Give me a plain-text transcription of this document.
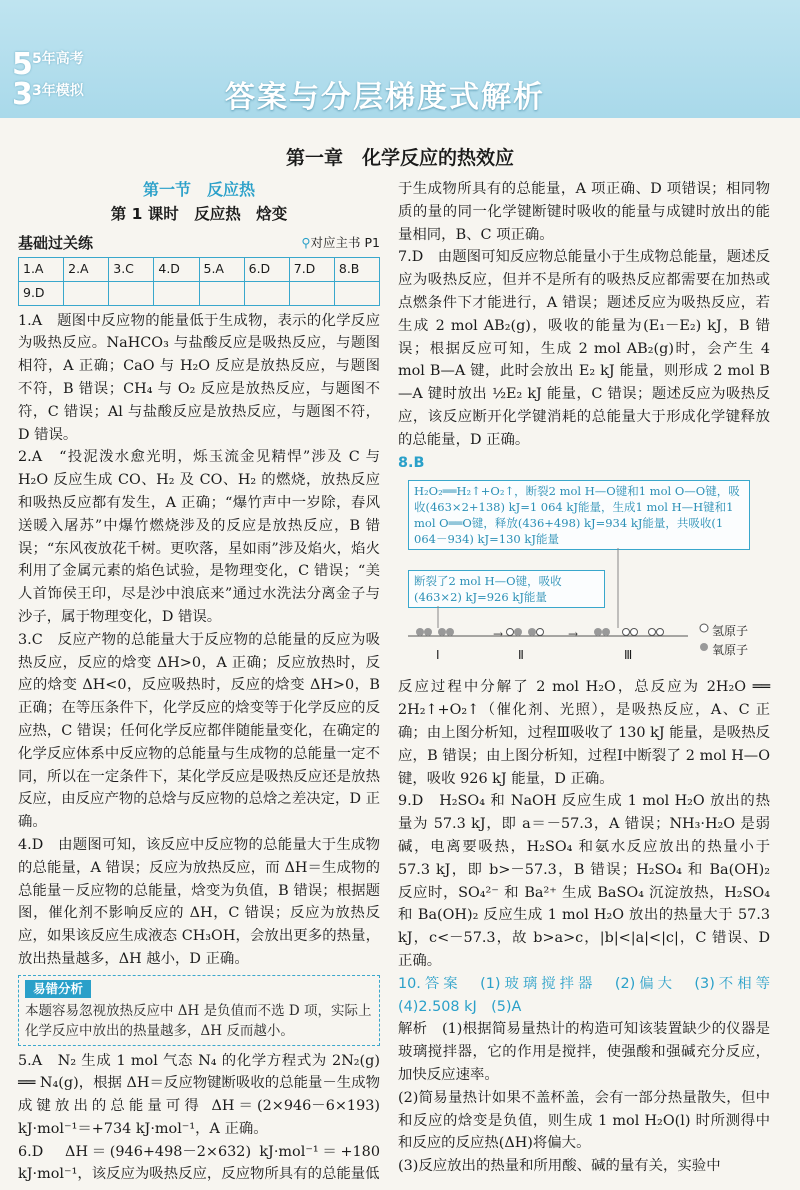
5 5年高考
3 3年模拟	答案与分层梯度式解析
第一章　化学反应的热效应
第一节　反应热
第 1 课时　反应热　焓变
基础过关练	⚲对应主书 P1
1.A	2.A	3.C	4.D	5.A	6.D	7.D	8.B
9.D							

1.A　题图中反应物的能量低于生成物，表示的化学反应为吸热反应。NaHCO₃ 与盐酸反应是吸热反应，与题图相符，A 正确；CaO 与 H₂O 反应是放热反应，与题图不符，B 错误；CH₄ 与 O₂ 反应是放热反应，与题图不符，C 错误；Al 与盐酸反应是放热反应，与题图不符，D 错误。

2.A　“投泥泼水愈光明，烁玉流金见精悍”涉及 C 与 H₂O 反应生成 CO、H₂ 及 CO、H₂ 的燃烧，放热反应和吸热反应都有发生，A 正确；“爆竹声中一岁除，春风送暖入屠苏”中爆竹燃烧涉及的反应是放热反应，B 错误；“东风夜放花千树。更吹落，星如雨”涉及焰火，焰火利用了金属元素的焰色试验，是物理变化，C 错误；“美人首饰侯王印，尽是沙中浪底来”通过水洗法分离金子与沙子，属于物理变化，D 错误。

3.C　反应产物的总能量大于反应物的总能量的反应为吸热反应，反应的焓变 ΔH>0，A 正确；反应放热时，反应的焓变 ΔH<0，反应吸热时，反应的焓变 ΔH>0，B 正确；在等压条件下，化学反应的焓变等于化学反应的反应热，C 错误；任何化学反应都伴随能量变化，在确定的化学反应体系中反应物的总能量与生成物的总能量一定不同，所以在一定条件下，某化学反应是吸热反应还是放热反应，由反应产物的总焓与反应物的总焓之差决定，D 正确。

4.D　由题图可知，该反应中反应物的总能量大于生成物的总能量，A 错误；反应为放热反应，而 ΔH＝生成物的总能量－反应物的总能量，焓变为负值，B 错误；根据题图，催化剂不影响反应的 ΔH，C 错误；反应为放热反应，如果该反应生成液态 CH₃OH，会放出更多的热量，放出热量越多，ΔH 越小，D 正确。

易错分析
本题容易忽视放热反应中 ΔH 是负值而不选 D 项，实际上化学反应中放出的热量越多，ΔH 反而越小。

5.A　N₂ 生成 1 mol 气态 N₄ 的化学方程式为 2N₂(g) ══ N₄(g)，根据 ΔH＝反应物键断吸收的总能量－生成物成键放出的总能量可得 ΔH＝(2×946－6×193) kJ·mol⁻¹＝+734 kJ·mol⁻¹，A 正确。

6.D　ΔH＝(946+498－2×632) kJ·mol⁻¹＝+180 kJ·mol⁻¹，该反应为吸热反应，反应物所具有的总能量低

于生成物所具有的总能量，A 项正确、D 项错误；相同物质的量的同一化学键断键时吸收的能量与成键时放出的能量相同，B、C 项正确。

7.D　由题图可知反应物总能量小于生成物总能量，题述反应为吸热反应，但并不是所有的吸热反应都需要在加热或点燃条件下才能进行，A 错误；题述反应为吸热反应，若生成 2 mol AB₂(g)，吸收的能量为(E₁－E₂) kJ，B 错误；根据反应可知，生成 2 mol AB₂(g)时，会产生 4 mol B—A 键，此时会放出 E₂ kJ 能量，则形成 2 mol B—A 键时放出 ½E₂ kJ 能量，C 错误；题述反应为吸热反应，该反应断开化学键消耗的总能量大于形成化学键释放的总能量，D 正确。

8.B
H₂O₂══H₂↑+O₂↑，断裂2 mol H—O键和1 mol O—O键，吸收(463×2+138) kJ=1 064 kJ能量，生成1 mol H—H键和1 mol O══O键，释放(436+498) kJ=934 kJ能量，共吸收(1 064－934) kJ=130 kJ能量
断裂了2 mol H—O键，吸收(463×2) kJ=926 kJ能量
→	→
Ⅰ	Ⅱ	Ⅲ
氢原子
氧原子

反应过程中分解了 2 mol H₂O，总反应为 2H₂O ══ 2H₂↑+O₂↑（催化剂、光照），是吸热反应，A、C 正确；由上图分析知，过程Ⅲ吸收了 130 kJ 能量，是吸热反应，B 错误；由上图分析知，过程Ⅰ中断裂了 2 mol H—O 键，吸收 926 kJ 能量，D 正确。

9.D　H₂SO₄ 和 NaOH 反应生成 1 mol H₂O 放出的热量为 57.3 kJ，即 a＝－57.3，A 错误；NH₃·H₂O 是弱碱，电离要吸热，H₂SO₄ 和氨水反应放出的热量小于 57.3 kJ，即 b>－57.3，B 错误；H₂SO₄ 和 Ba(OH)₂ 反应时，SO₄²⁻ 和 Ba²⁺ 生成 BaSO₄ 沉淀放热，H₂SO₄ 和 Ba(OH)₂ 反应生成 1 mol H₂O 放出的热量大于 57.3 kJ，c<－57.3，故 b>a>c，|b|<|a|<|c|，C 错误、D 正确。

10.答案　(1)玻璃搅拌器　(2)偏大　(3)不相等　(4)2.508 kJ　(5)A

解析　(1)根据简易量热计的构造可知该装置缺少的仪器是玻璃搅拌器，它的作用是搅拌，使强酸和强碱充分反应，加快反应速率。

(2)简易量热计如果不盖杯盖，会有一部分热量散失，但中和反应的焓变是负值，则生成 1 mol H₂O(l) 时所测得中和反应的反应热(ΔH)将偏大。

(3)反应放出的热量和所用酸、碱的量有关，实验中
